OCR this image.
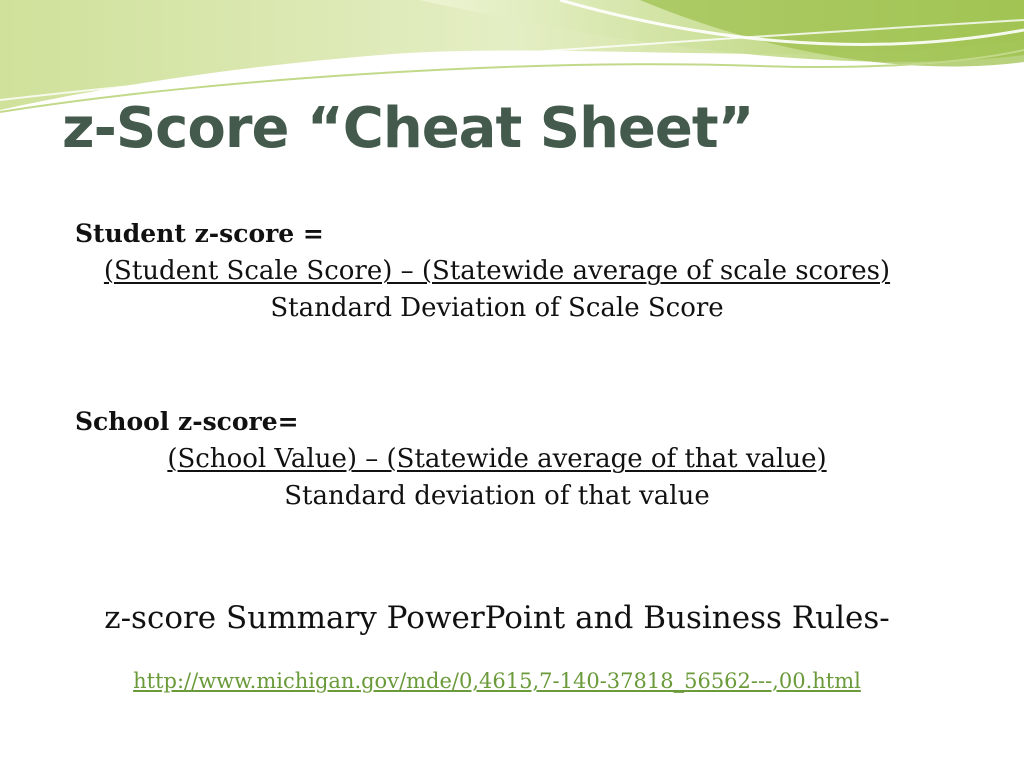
z-Score “Cheat Sheet”
Student z-score =
(Student Scale Score) – (Statewide average of scale scores)
Standard Deviation of Scale Score
School z-score=
(School Value) – (Statewide average of that value)
Standard deviation of that value
z-score Summary PowerPoint and Business Rules-
http://www.michigan.gov/mde/0,4615,7-140-37818_56562---,00.html
